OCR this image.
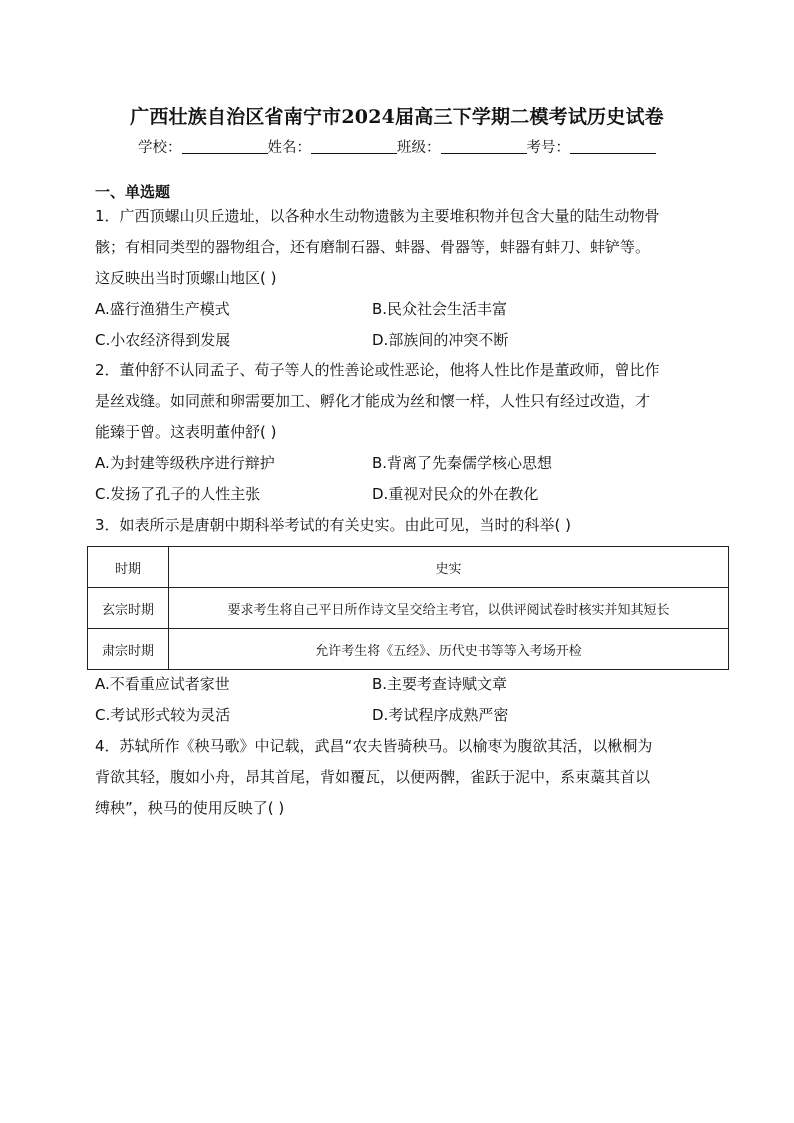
广西壮族自治区省南宁市2024届高三下学期二模考试历史试卷
学校：	姓名：	班级：	考号：
一、单选题

1．广西顶螺山贝丘遗址，以各种水生动物遗骸为主要堆积物并包含大量的陆生动物骨

骸；有相同类型的器物组合，还有磨制石器、蚌器、骨器等，蚌器有蚌刀、蚌铲等。

这反映出当时顶螺山地区( )

A.盛行渔猎生产模式	B.民众社会生活丰富
C.小农经济得到发展	D.部族间的冲突不断

2．董仲舒不认同孟子、荀子等人的性善论或性恶论，他将人性比作是董政师，曾比作

是丝戏缝。如同蔗和卵需要加工、孵化才能成为丝和懷一样，人性只有经过改造，才

能臻于曾。这表明董仲舒( )

A.为封建等级秩序进行辩护	B.背离了先秦儒学核心思想
C.发扬了孔子的人性主张	D.重视对民众的外在教化

3．如表所示是唐朝中期科举考试的有关史实。由此可见，当时的科举( )

时期	史实
玄宗时期	要求考生将自己平日所作诗文呈交给主考官，以供评阅试卷时核实并知其短长
肃宗时期	允许考生将《五经》、历代史书等等入考场开检
A.不看重应试者家世	B.主要考查诗赋文章
C.考试形式较为灵活	D.考试程序成熟严密

4．苏轼所作《秧马歌》中记载，武昌“农夫皆骑秧马。以榆枣为腹欲其活，以楸桐为

背欲其轻，腹如小舟，昂其首尾，背如覆瓦，以便两髀，雀跃于泥中，系束藁其首以

缚秧”，秧马的使用反映了( )
